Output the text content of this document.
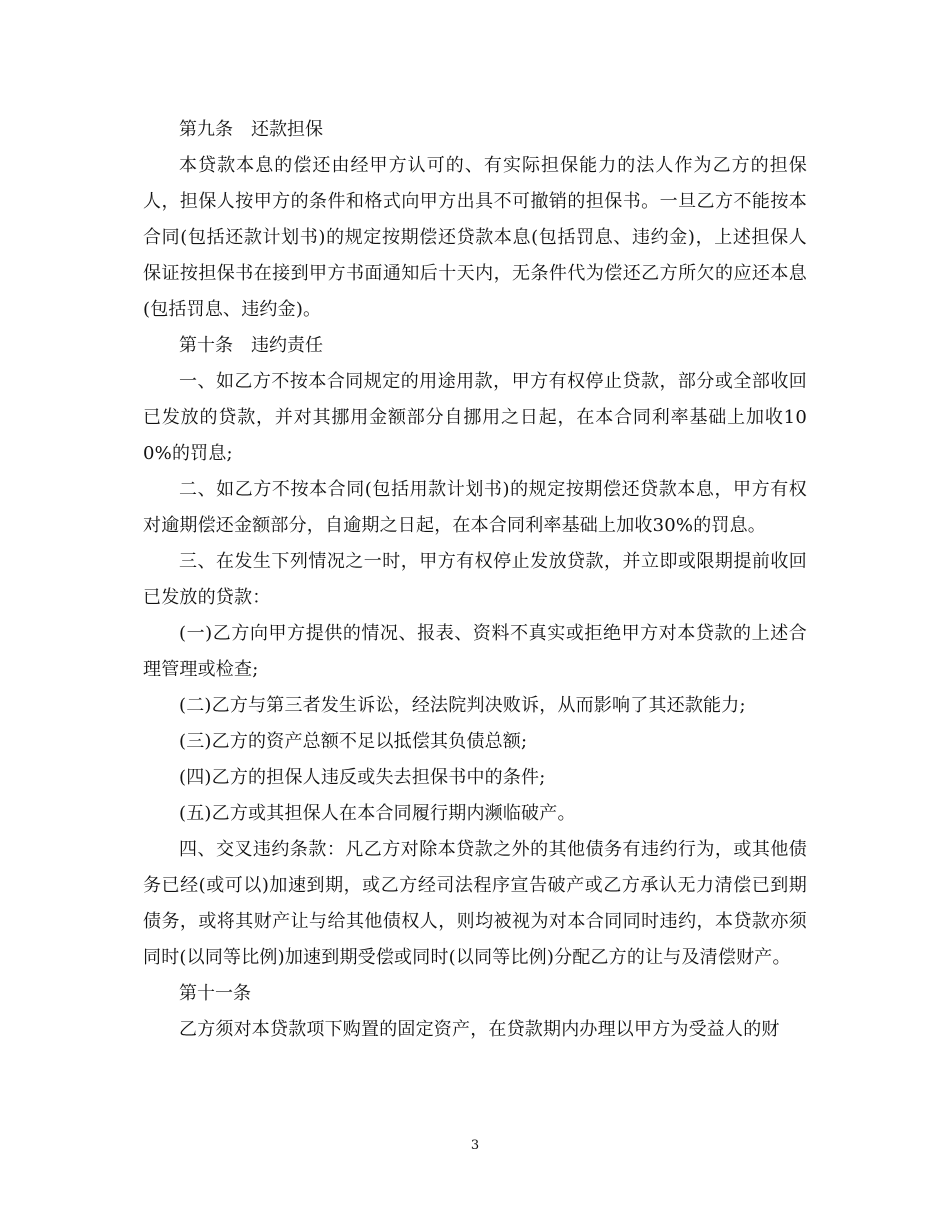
第九条　还款担保

本贷款本息的偿还由经甲方认可的、有实际担保能力的法人作为乙方的担保人，担保人按甲方的条件和格式向甲方出具不可撤销的担保书。一旦乙方不能按本合同(包括还款计划书)的规定按期偿还贷款本息(包括罚息、违约金)，上述担保人保证按担保书在接到甲方书面通知后十天内，无条件代为偿还乙方所欠的应还本息(包括罚息、违约金)。

第十条　违约责任

一、如乙方不按本合同规定的用途用款，甲方有权停止贷款，部分或全部收回已发放的贷款，并对其挪用金额部分自挪用之日起，在本合同利率基础上加收100%的罚息;

二、如乙方不按本合同(包括用款计划书)的规定按期偿还贷款本息，甲方有权对逾期偿还金额部分，自逾期之日起，在本合同利率基础上加收30%的罚息。

三、在发生下列情况之一时，甲方有权停止发放贷款，并立即或限期提前收回已发放的贷款：

(一)乙方向甲方提供的情况、报表、资料不真实或拒绝甲方对本贷款的上述合理管理或检查;

(二)乙方与第三者发生诉讼，经法院判决败诉，从而影响了其还款能力;

(三)乙方的资产总额不足以抵偿其负债总额;

(四)乙方的担保人违反或失去担保书中的条件;

(五)乙方或其担保人在本合同履行期内濒临破产。

四、交叉违约条款：凡乙方对除本贷款之外的其他债务有违约行为，或其他债务已经(或可以)加速到期，或乙方经司法程序宣告破产或乙方承认无力清偿已到期债务，或将其财产让与给其他债权人，则均被视为对本合同同时违约，本贷款亦须同时(以同等比例)加速到期受偿或同时(以同等比例)分配乙方的让与及清偿财产。

第十一条

乙方须对本贷款项下购置的固定资产，在贷款期内办理以甲方为受益人的财

3
